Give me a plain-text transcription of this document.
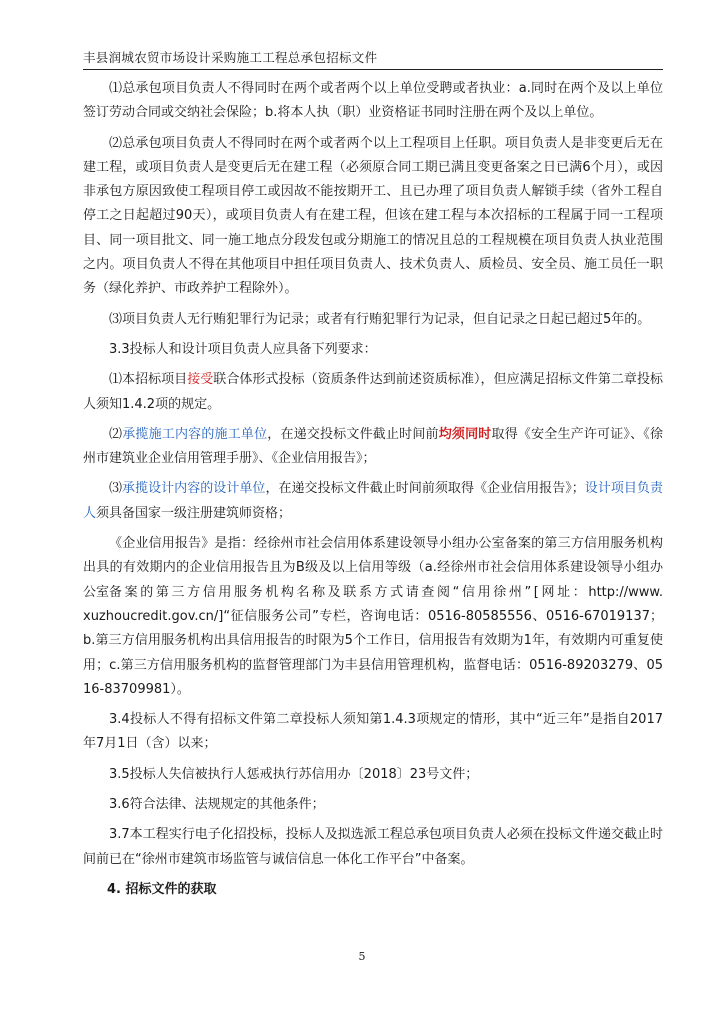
丰县润城农贸市场设计采购施工工程总承包招标文件

⑴总承包项目负责人不得同时在两个或者两个以上单位受聘或者执业：a.同时在两个及以上单位签订劳动合同或交纳社会保险；b.将本人执（职）业资格证书同时注册在两个及以上单位。

⑵总承包项目负责人不得同时在两个或者两个以上工程项目上任职。项目负责人是非变更后无在建工程，或项目负责人是变更后无在建工程（必须原合同工期已满且变更备案之日已满6个月），或因非承包方原因致使工程项目停工或因故不能按期开工、且已办理了项目负责人解锁手续（省外工程自停工之日起超过90天），或项目负责人有在建工程，但该在建工程与本次招标的工程属于同一工程项目、同一项目批文、同一施工地点分段发包或分期施工的情况且总的工程规模在项目负责人执业范围之内。项目负责人不得在其他项目中担任项目负责人、技术负责人、质检员、安全员、施工员任一职务（绿化养护、市政养护工程除外）。

⑶项目负责人无行贿犯罪行为记录；或者有行贿犯罪行为记录，但自记录之日起已超过5年的。

3.3投标人和设计项目负责人应具备下列要求：

⑴本招标项目接受联合体形式投标（资质条件达到前述资质标准），但应满足招标文件第二章投标人须知1.4.2项的规定。

⑵承揽施工内容的施工单位，在递交投标文件截止时间前均须同时取得《安全生产许可证》、《徐州市建筑业企业信用管理手册》、《企业信用报告》；

⑶承揽设计内容的设计单位，在递交投标文件截止时间前须取得《企业信用报告》；设计项目负责人须具备国家一级注册建筑师资格；

《企业信用报告》是指：经徐州市社会信用体系建设领导小组办公室备案的第三方信用服务机构出具的有效期内的企业信用报告且为B级及以上信用等级（a.经徐州市社会信用体系建设领导小组办公室备案的第三方信用服务机构名称及联系方式请查阅“信用徐州”[网址：http://www.xuzhoucredit.gov.cn/]“征信服务公司”专栏，咨询电话：0516-80585556、0516-67019137；b.第三方信用服务机构出具信用报告的时限为5个工作日，信用报告有效期为1年，有效期内可重复使用；c.第三方信用服务机构的监督管理部门为丰县信用管理机构，监督电话：0516-89203279、0516-83709981）。

3.4投标人不得有招标文件第二章投标人须知第1.4.3项规定的情形，其中“近三年”是指自2017年7月1日（含）以来；

3.5投标人失信被执行人惩戒执行苏信用办〔2018〕23号文件；

3.6符合法律、法规规定的其他条件；

3.7本工程实行电子化招投标，投标人及拟选派工程总承包项目负责人必须在投标文件递交截止时间前已在“徐州市建筑市场监管与诚信信息一体化工作平台”中备案。

4. 招标文件的获取
5
